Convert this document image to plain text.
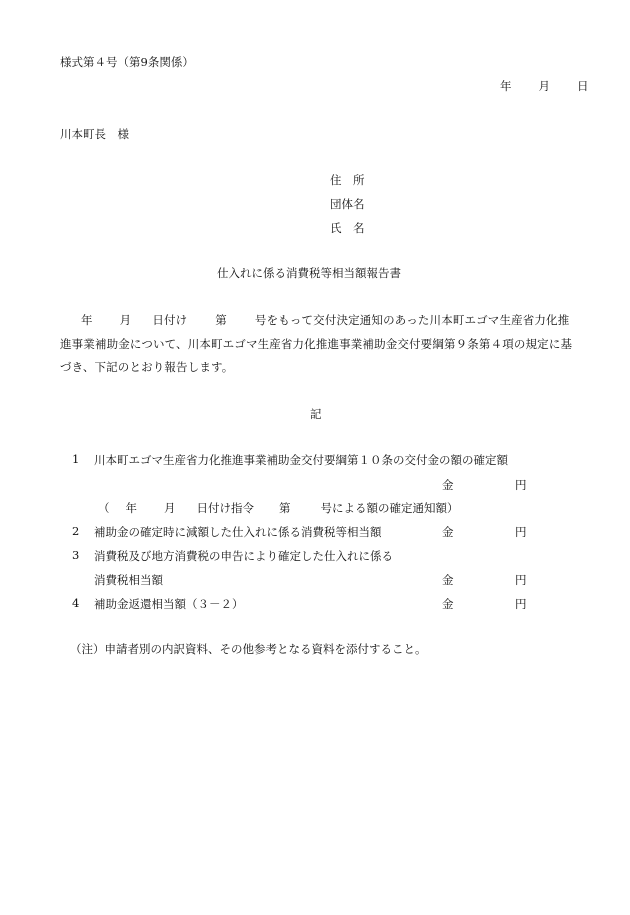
様式第４号（第9条関係）
年 月 日
川本町長　様
住　所
団体名
氏　名
仕入れに係る消費税等相当額報告書
年 月 日付け 第 号をもって交付決定通知のあった川本町エゴマ生産省力化推進事業補助金について、川本町エゴマ生産省力化推進事業補助金交付要綱第９条第４項の規定に基づき、下記のとおり報告します。
記
1 川本町エゴマ生産省力化推進事業補助金交付要綱第１０条の交付金の額の確定額
金	円
（ 年 月 日付け指令 第	号による額の確定通知額）
2 補助金の確定時に減額した仕入れに係る消費税等相当額	金	円
3 消費税及び地方消費税の申告により確定した仕入れに係る
消費税相当額	金	円
4 補助金返還相当額（３－２）	金	円
（注）申請者別の内訳資料、その他参考となる資料を添付すること。
